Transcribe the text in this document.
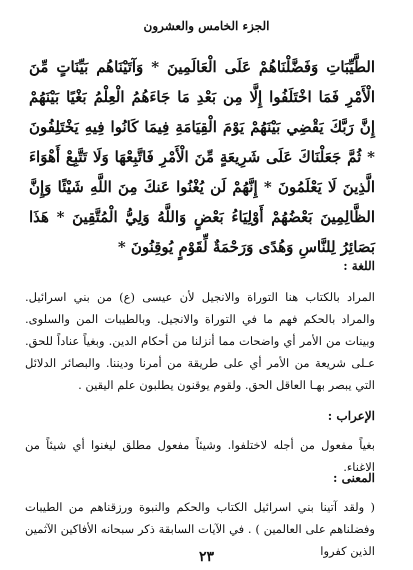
الجزء الخامس والعشرون

الطَّيِّبَاتِ وَفَضَّلْنَاهُمْ عَلَى الْعَالَمِينَ * وَآتَيْنَاهُم بَيِّنَاتٍ مِّنَ الْأَمْرِ فَمَا اخْتَلَفُوا إِلَّا مِن بَعْدِ مَا جَاءَهُمُ الْعِلْمُ بَغْيًا بَيْنَهُمْ إِنَّ رَبَّكَ يَقْضِي بَيْنَهُمْ يَوْمَ الْقِيَامَةِ فِيمَا كَانُوا فِيهِ يَخْتَلِفُونَ * ثُمَّ جَعَلْنَاكَ عَلَى شَرِيعَةٍ مِّنَ الْأَمْرِ فَاتَّبِعْهَا وَلَا تَتَّبِعْ أَهْوَاءَ الَّذِينَ لَا يَعْلَمُونَ * إِنَّهُمْ لَن يُغْنُوا عَنكَ مِنَ اللَّهِ شَيْئًا وَإِنَّ الظَّالِمِينَ بَعْضُهُمْ أَوْلِيَاءُ بَعْضٍ وَاللَّهُ وَلِيُّ الْمُتَّقِينَ * هَذَا بَصَائِرُ لِلنَّاسِ وَهُدًى وَرَحْمَةٌ لِّقَوْمٍ يُوقِنُونَ *

اللغة :

المراد بالكتاب هنا التوراة والانجيل لأن عيسى (ع) من بني اسرائيل. والمراد بالحكم فهم ما في التوراة والانجيل. وبالطيبات المن والسلوى. وبينات من الأمر أي واضحات مما أنزلنا من أحكام الدين. وبغياً عناداً للحق. عـلى شريعة من الأمر أي على طريقة من أمرنا وديننا. والبصائر الدلائل التي يبصر بهـا العاقل الحق. ولقوم يوقنون يطلبون علم اليقين .

الإعراب :

بغياً مفعول من أجله لاختلفوا. وشيئاً مفعول مطلق ليغنوا أي شيئاً من الاغناء.

المعنى :

( ولقد آتينا بني اسرائيل الكتاب والحكم والنبوة ورزقناهم من الطيبات وفضلناهم على العالمين ) . في الآيات السابقة ذكر سبحانه الأفاكين الآثمين الذين كفروا

٢٣
